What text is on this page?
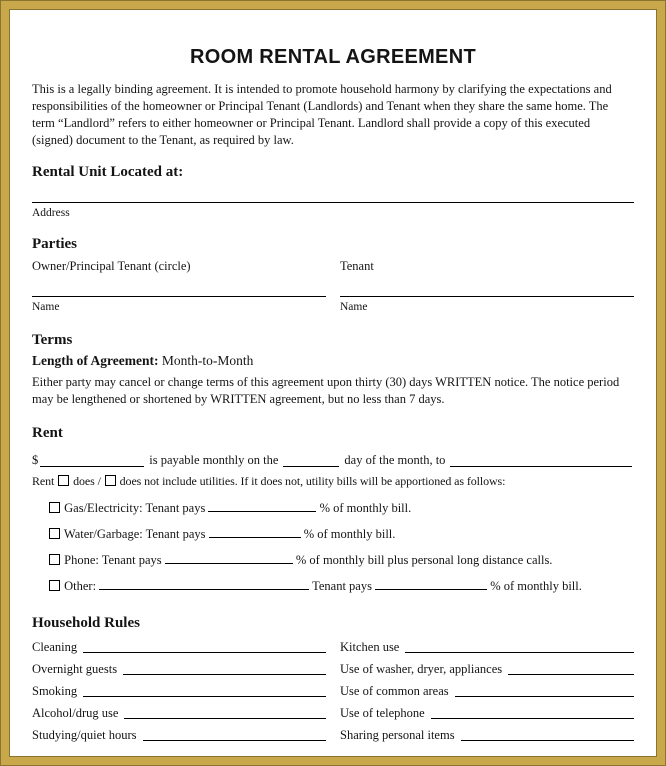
ROOM RENTAL AGREEMENT

This is a legally binding agreement. It is intended to promote household harmony by clarifying the expectations and responsibilities of the homeowner or Principal Tenant (Landlords) and Tenant when they share the same home. The term “Landlord” refers to either homeowner or Principal Tenant. Landlord shall provide a copy of this executed (signed) document to the Tenant, as required by law.

Rental Unit Located at:
Address
Parties
Owner/Principal Tenant (circle)
Name
Tenant
Name
Terms
Length of Agreement: Month-to-Month

Either party may cancel or change terms of this agreement upon thirty (30) days WRITTEN notice. The notice period may be lengthened or shortened by WRITTEN agreement, but no less than 7 days.

Rent
$	is payable monthly on the	day of the month, to
Rent does / does not include utilities. If it does not, utility bills will be apportioned as follows:
Gas/Electricity: Tenant pays	% of monthly bill.
Water/Garbage: Tenant pays	% of monthly bill.
Phone: Tenant pays	% of monthly bill plus personal long distance calls.
Other:	Tenant pays	% of monthly bill.
Household Rules
Cleaning	Kitchen use
Overnight guests	Use of washer, dryer, appliances
Smoking	Use of common areas
Alcohol/drug use	Use of telephone
Studying/quiet hours	Sharing personal items
